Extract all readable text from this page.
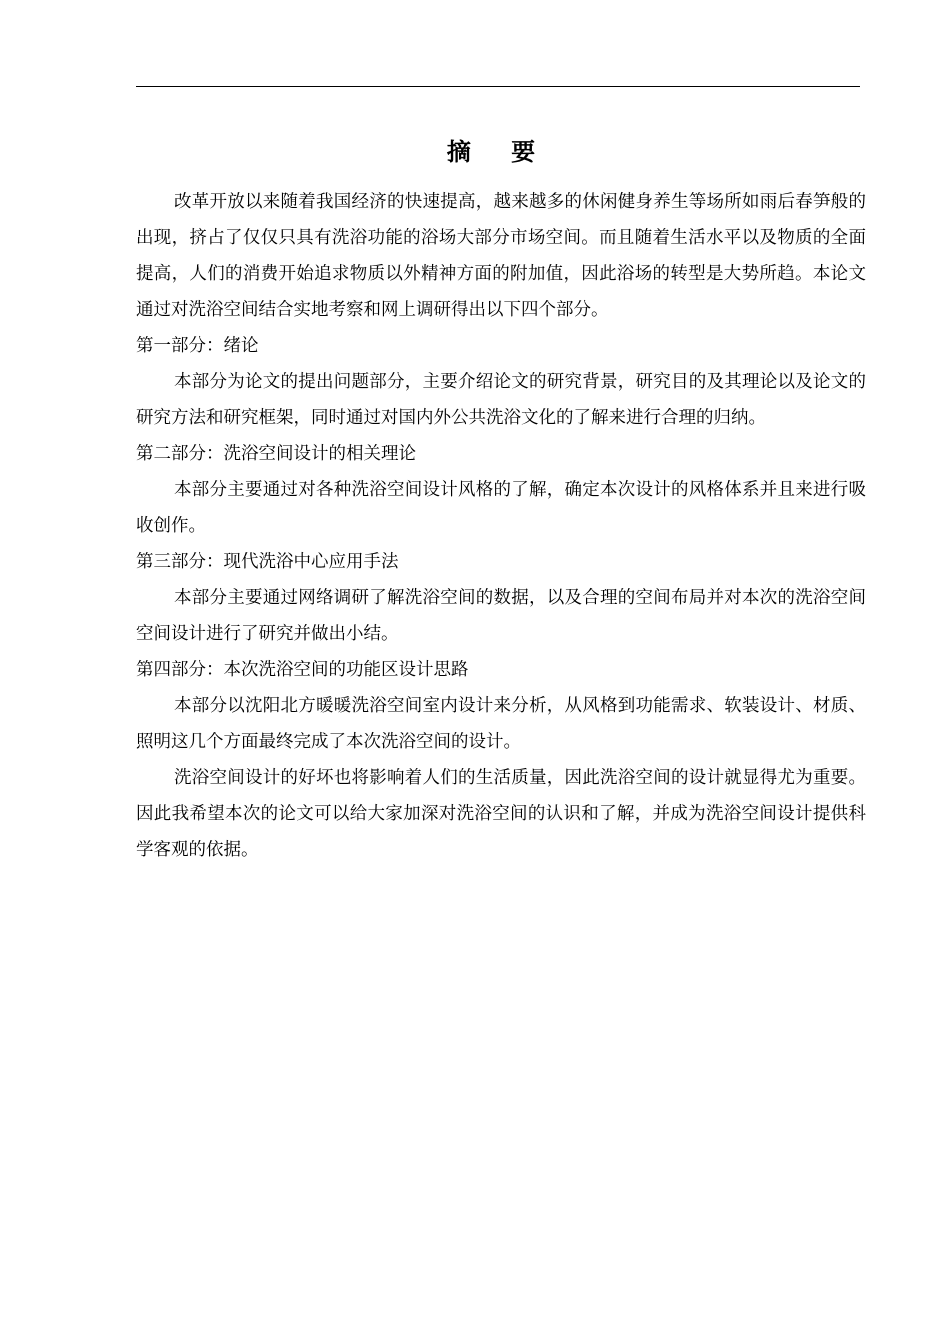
摘 要

改革开放以来随着我国经济的快速提高，越来越多的休闲健身养生等场所如雨后春笋般的出现，挤占了仅仅只具有洗浴功能的浴场大部分市场空间。而且随着生活水平以及物质的全面提高，人们的消费开始追求物质以外精神方面的附加值，因此浴场的转型是大势所趋。本论文通过对洗浴空间结合实地考察和网上调研得出以下四个部分。

第一部分：绪论

本部分为论文的提出问题部分，主要介绍论文的研究背景，研究目的及其理论以及论文的研究方法和研究框架，同时通过对国内外公共洗浴文化的了解来进行合理的归纳。

第二部分：洗浴空间设计的相关理论

本部分主要通过对各种洗浴空间设计风格的了解，确定本次设计的风格体系并且来进行吸收创作。

第三部分：现代洗浴中心应用手法

本部分主要通过网络调研了解洗浴空间的数据，以及合理的空间布局并对本次的洗浴空间空间设计进行了研究并做出小结。

第四部分：本次洗浴空间的功能区设计思路

本部分以沈阳北方暖暖洗浴空间室内设计来分析，从风格到功能需求、软装设计、材质、照明这几个方面最终完成了本次洗浴空间的设计。

洗浴空间设计的好坏也将影响着人们的生活质量，因此洗浴空间的设计就显得尤为重要。因此我希望本次的论文可以给大家加深对洗浴空间的认识和了解，并成为洗浴空间设计提供科学客观的依据。
